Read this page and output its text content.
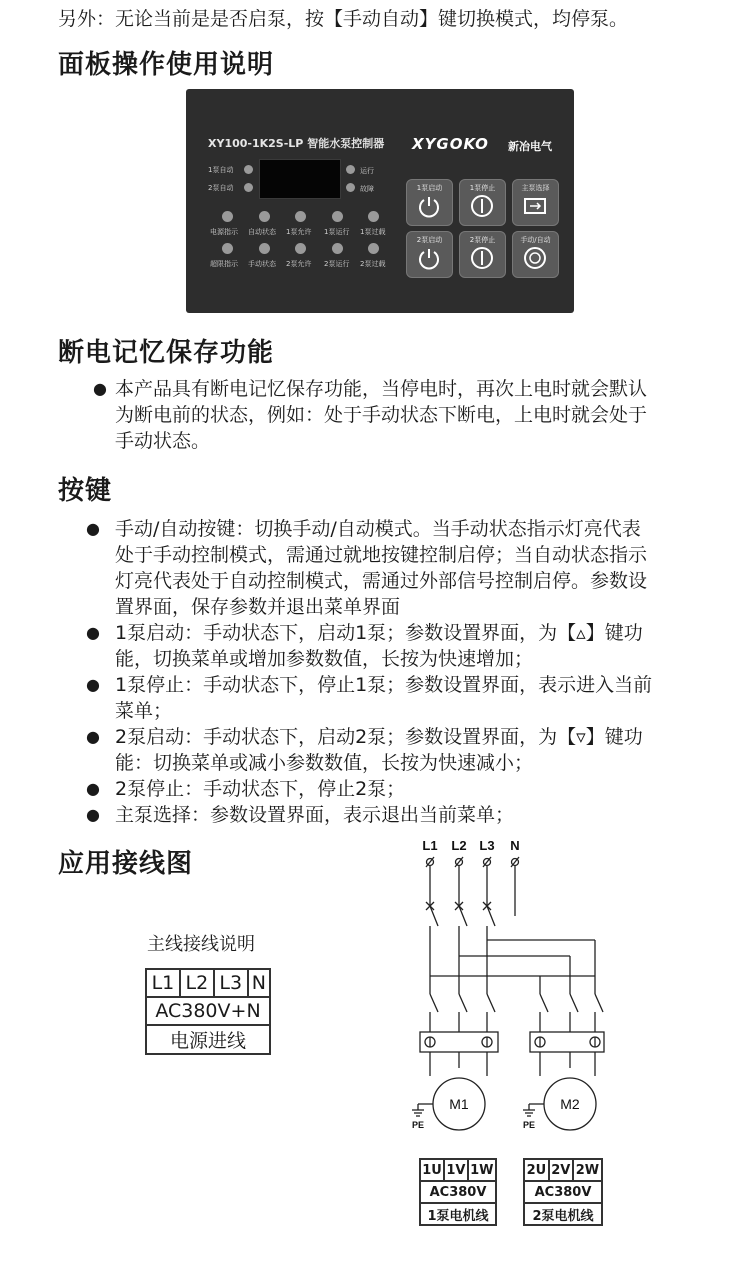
另外：无论当前是是否启泵，按【手动自动】键切换模式，均停泵。
面板操作使用说明
XY100-1K2S-LP 智能水泵控制器 XYGOKO 新冶电气
1泵自动
2泵自动
运行
故障
电源指示 自动状态 1泵允许 1泵运行 1泵过载
超限指示 手动状态 2泵允许 2泵运行 2泵过载
1泵启动	1泵停止	主泵选择
2泵启动	2泵停止	手动/自动
断电记忆保存功能
● 本产品具有断电记忆保存功能，当停电时，再次上电时就会默认
为断电前的状态，例如：处于手动状态下断电，上电时就会处于
手动状态。
按键
● 手动/自动按键：切换手动/自动模式。当手动状态指示灯亮代表
处于手动控制模式，需通过就地按键控制启停；当自动状态指示
灯亮代表处于自动控制模式，需通过外部信号控制启停。参数设
置界面，保存参数并退出菜单界面
● 1泵启动：手动状态下，启动1泵；参数设置界面，为【▵】键功
能，切换菜单或增加参数数值，长按为快速增加；
● 1泵停止：手动状态下，停止1泵；参数设置界面，表示进入当前
菜单；
● 2泵启动：手动状态下，启动2泵；参数设置界面，为【▿】键功
能：切换菜单或减小参数数值，长按为快速减小；
● 2泵停止：手动状态下，停止2泵；
● 主泵选择：参数设置界面，表示退出当前菜单；
应用接线图
主线接线说明
L1	L2	L3	N
AC380V+N
电源进线
L1 L2 L3 N
M1	M2
PE	PE
1U	1V	1W
AC380V
1泵电机线
2U	2V	2W
AC380V
2泵电机线
